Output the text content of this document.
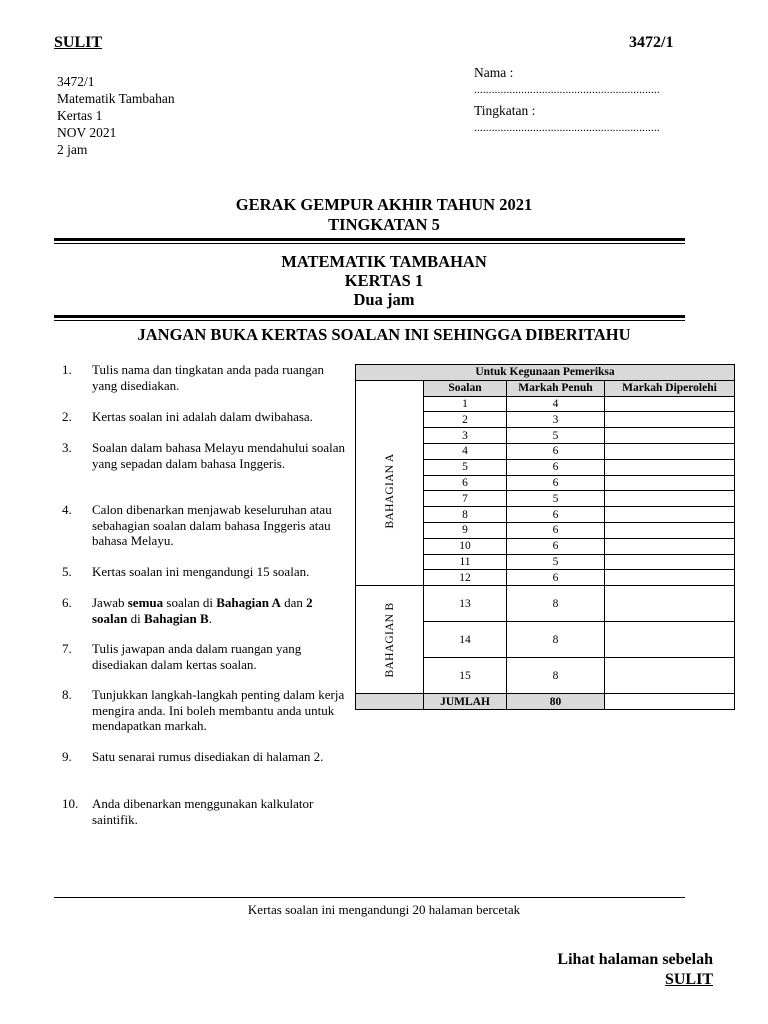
SULIT	3472/1
3472/1
Matematik Tambahan
Kertas 1
NOV 2021
2 jam
Nama :
...............................................................
Tingkatan :
...............................................................
GERAK GEMPUR AKHIR TAHUN 2021
TINGKATAN 5
MATEMATIK TAMBAHAN
KERTAS 1
Dua jam
JANGAN BUKA KERTAS SOALAN INI SEHINGGA DIBERITAHU
1. Tulis nama dan tingkatan anda pada ruangan yang disediakan.
2. Kertas soalan ini adalah dalam dwibahasa.
3. Soalan dalam bahasa Melayu mendahului soalan yang sepadan dalam bahasa Inggeris.
4. Calon dibenarkan menjawab keseluruhan atau sebahagian soalan dalam bahasa Inggeris atau bahasa Melayu.
5. Kertas soalan ini mengandungi 15 soalan.
6. Jawab semua soalan di Bahagian A dan 2 soalan di Bahagian B.
7. Tulis jawapan anda dalam ruangan yang disediakan dalam kertas soalan.
8. Tunjukkan langkah-langkah penting dalam kerja mengira anda. Ini boleh membantu anda untuk mendapatkan markah.
9. Satu senarai rumus disediakan di halaman 2.
10. Anda dibenarkan menggunakan kalkulator saintifik.
Untuk Kegunaan Pemeriksa			
	Soalan	Markah Penuh	Markah Diperolehi

BAHAGIAN A	1	4	
	2	3	
	3	5	
	4	6	
	5	6	
	6	6	
	7	5	
	8	6	
	9	6	
	10	6	
	11	5	
	12	6	

BAHAGIAN B	13	8	
	14	8	
	15	8	
	JUMLAH	80	
Kertas soalan ini mengandungi 20 halaman bercetak
Lihat halaman sebelah
SULIT
